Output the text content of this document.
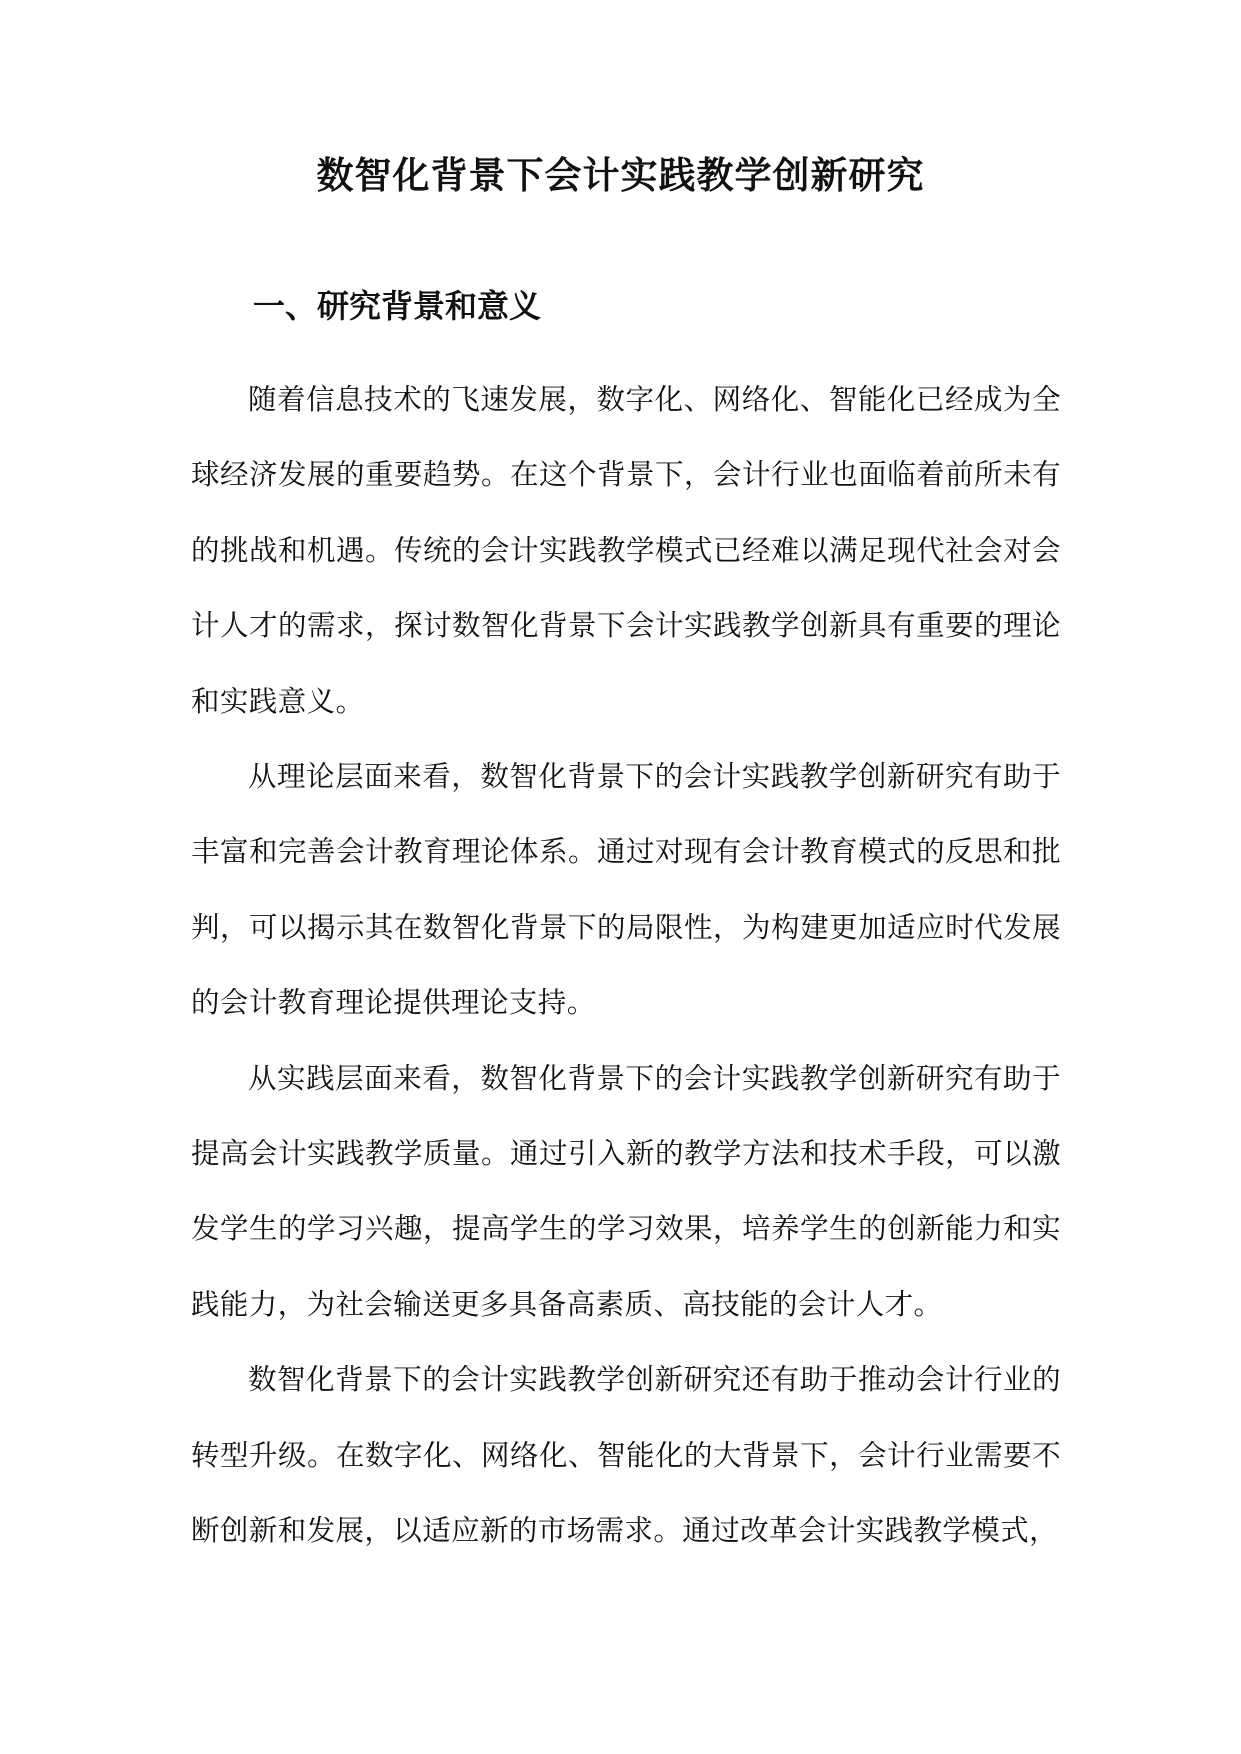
数智化背景下会计实践教学创新研究
一、研究背景和意义

随着信息技术的飞速发展，数字化、网络化、智能化已经成为全球经济发展的重要趋势。在这个背景下，会计行业也面临着前所未有的挑战和机遇。传统的会计实践教学模式已经难以满足现代社会对会计人才的需求，探讨数智化背景下会计实践教学创新具有重要的理论和实践意义。

从理论层面来看，数智化背景下的会计实践教学创新研究有助于丰富和完善会计教育理论体系。通过对现有会计教育模式的反思和批判，可以揭示其在数智化背景下的局限性，为构建更加适应时代发展的会计教育理论提供理论支持。

从实践层面来看，数智化背景下的会计实践教学创新研究有助于提高会计实践教学质量。通过引入新的教学方法和技术手段，可以激发学生的学习兴趣，提高学生的学习效果，培养学生的创新能力和实践能力，为社会输送更多具备高素质、高技能的会计人才。

数智化背景下的会计实践教学创新研究还有助于推动会计行业的转型升级。在数字化、网络化、智能化的大背景下，会计行业需要不断创新和发展，以适应新的市场需求。通过改革会计实践教学模式，
